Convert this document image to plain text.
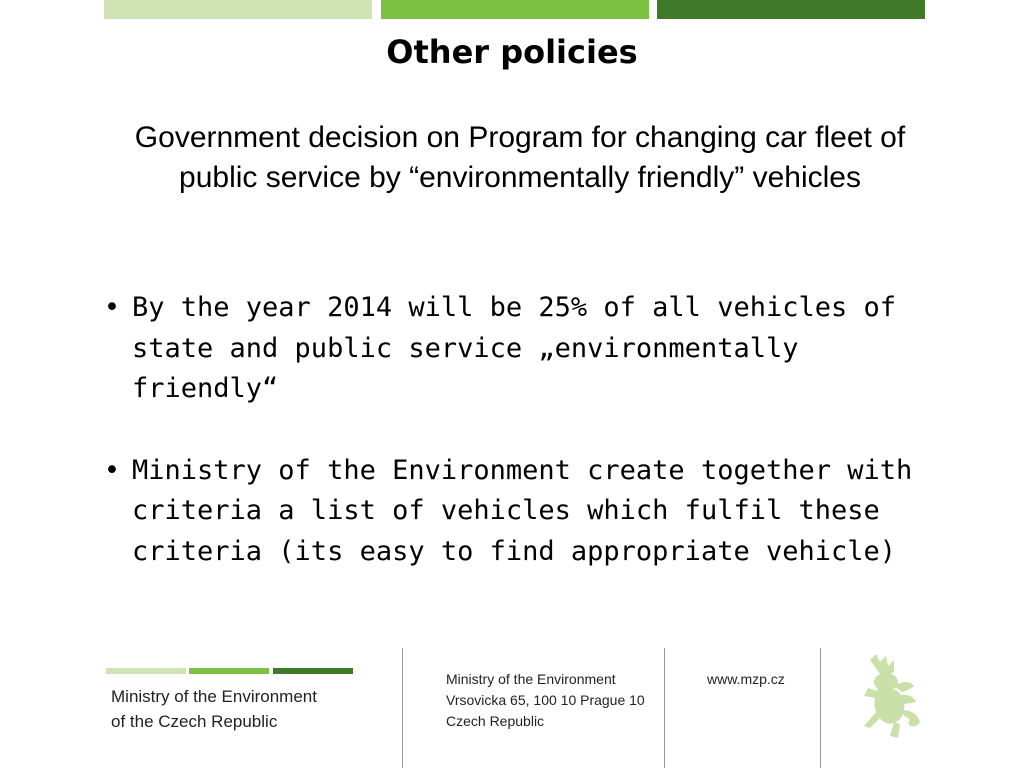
Other policies
Government decision on Program for changing car fleet of public service by “environmentally friendly” vehicles
• By the year 2014 will be 25% of all vehicles of state and public service „environmentally friendly“
• Ministry of the Environment create together with criteria a list of vehicles which fulfil these criteria (its easy to find appropriate vehicle)
Ministry of the Environment
of the Czech Republic
Ministry of the Environment
Vrsovicka 65, 100 10 Prague 10
Czech Republic
www.mzp.cz
